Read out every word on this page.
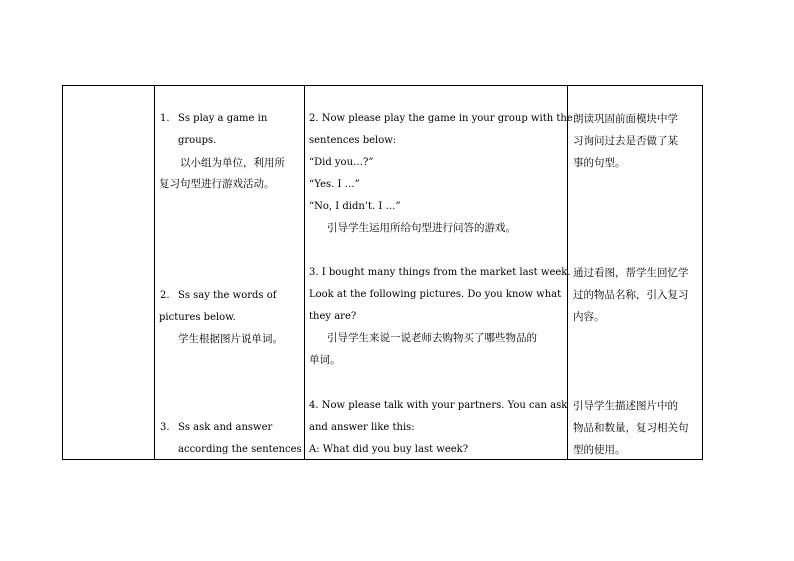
1. Ss play a game in
groups.
以小组为单位，利用所
复习句型进行游戏活动。
2. Ss say the words of
pictures below.
学生根据图片说单词。
3. Ss ask and answer
according the sentences
2. Now please play the game in your group with the
sentences below:
“Did you…?”
“Yes. I …”
“No, I didn’t. I …”
引导学生运用所给句型进行问答的游戏。
3. I bought many things from the market last week.
Look at the following pictures. Do you know what
they are?
引导学生来说一说老师去购物买了哪些物品的
单词。
4. Now please talk with your partners. You can ask
and answer like this:
A: What did you buy last week?
朗读巩固前面模块中学
习询问过去是否做了某
事的句型。
通过看图，帮学生回忆学
过的物品名称，引入复习
内容。
引导学生描述图片中的
物品和数量，复习相关句
型的使用。
